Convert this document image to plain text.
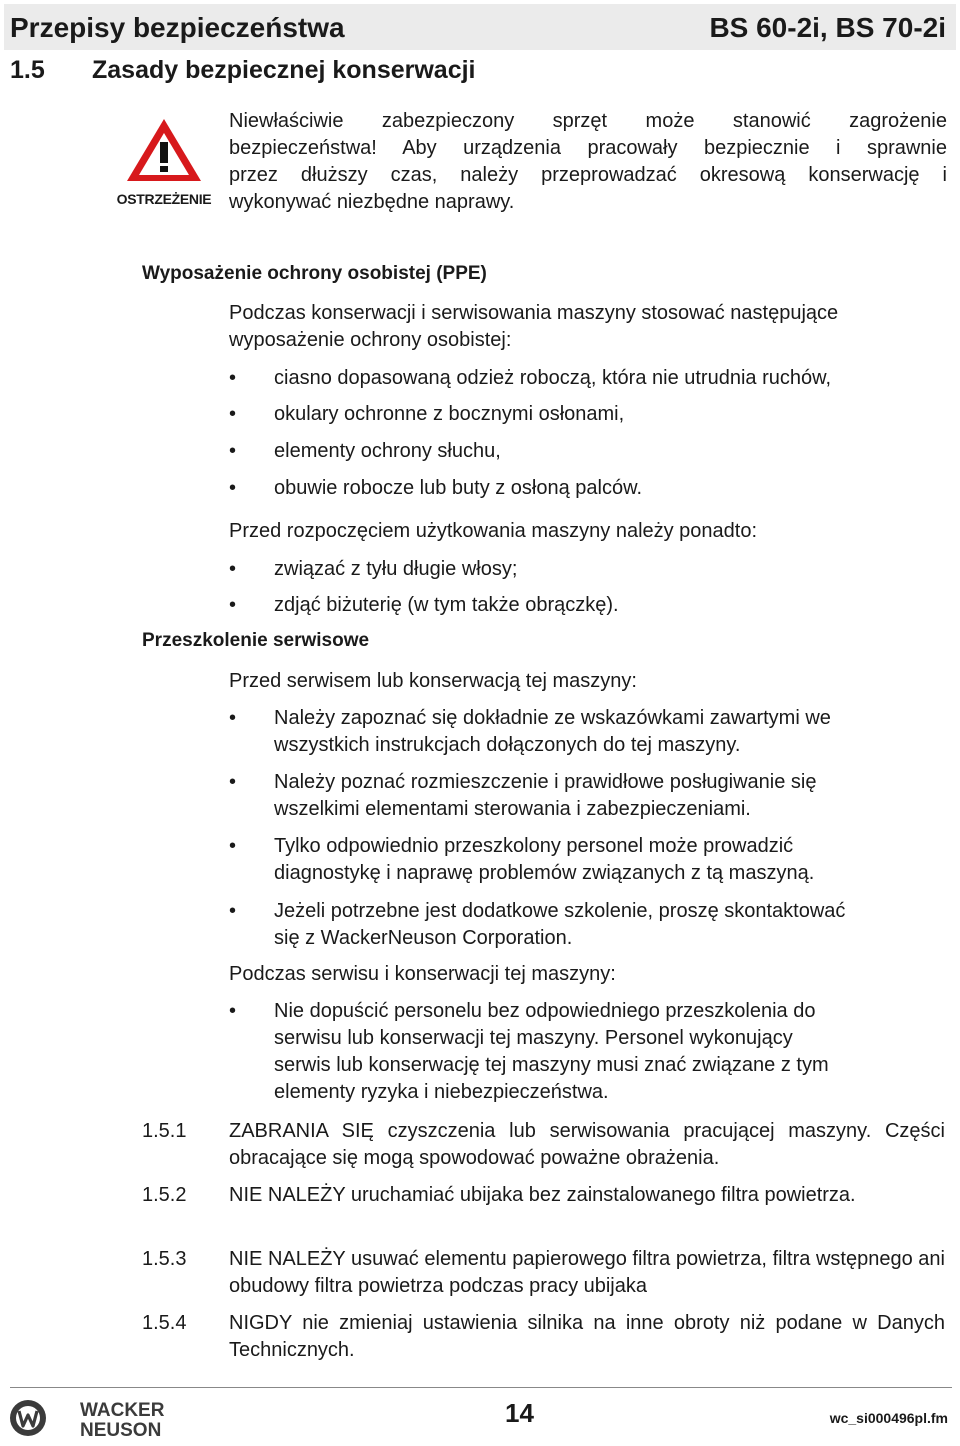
Przepisy bezpieczeństwa	BS 60-2i, BS 70-2i
1.5 Zasady bezpiecznej konserwacji
OSTRZEŻENIE
Niewłaściwie zabezpieczony sprzęt może stanowić zagrożenie
bezpieczeństwa! Aby urządzenia pracowały bezpiecznie i sprawnie
przez dłuższy czas, należy przeprowadzać okresową konserwację i
wykonywać niezbędne naprawy.
Wyposażenie ochrony osobistej (PPE)
Podczas konserwacji i serwisowania maszyny stosować następujące
wyposażenie ochrony osobistej:
•	ciasno dopasowaną odzież roboczą, która nie utrudnia ruchów,
•	okulary ochronne z bocznymi osłonami,
•	elementy ochrony słuchu,
•	obuwie robocze lub buty z osłoną palców.
Przed rozpoczęciem użytkowania maszyny należy ponadto:
•	związać z tyłu długie włosy;
•	zdjąć biżuterię (w tym także obrączkę).
Przeszkolenie serwisowe
Przed serwisem lub konserwacją tej maszyny:
•	Należy zapoznać się dokładnie ze wskazówkami zawartymi we
wszystkich instrukcjach dołączonych do tej maszyny.
•	Należy poznać rozmieszczenie i prawidłowe posługiwanie się
wszelkimi elementami sterowania i zabezpieczeniami.
•	Tylko odpowiednio przeszkolony personel może prowadzić
diagnostykę i naprawę problemów związanych z tą maszyną.
•	Jeżeli potrzebne jest dodatkowe szkolenie, proszę skontaktować
się z WackerNeuson Corporation.
Podczas serwisu i konserwacji tej maszyny:
•	Nie dopuścić personelu bez odpowiedniego przeszkolenia do
serwisu lub konserwacji tej maszyny. Personel wykonujący
serwis lub konserwację tej maszyny musi znać związane z tym
elementy ryzyka i niebezpieczeństwa.
1.5.1 ZABRANIA SIĘ czyszczenia lub serwisowania pracującej maszyny. Części obracające się mogą spowodować poważne obrażenia.
1.5.2 NIE NALEŻY uruchamiać ubijaka bez zainstalowanego filtra powietrza.
1.5.3 NIE NALEŻY usuwać elementu papierowego filtra powietrza, filtra wstępnego ani obudowy filtra powietrza podczas pracy ubijaka
1.5.4 NIGDY nie zmieniaj ustawienia silnika na inne obroty niż podane w Danych Technicznych.
WACKER
NEUSON
14	wc_si000496pl.fm
